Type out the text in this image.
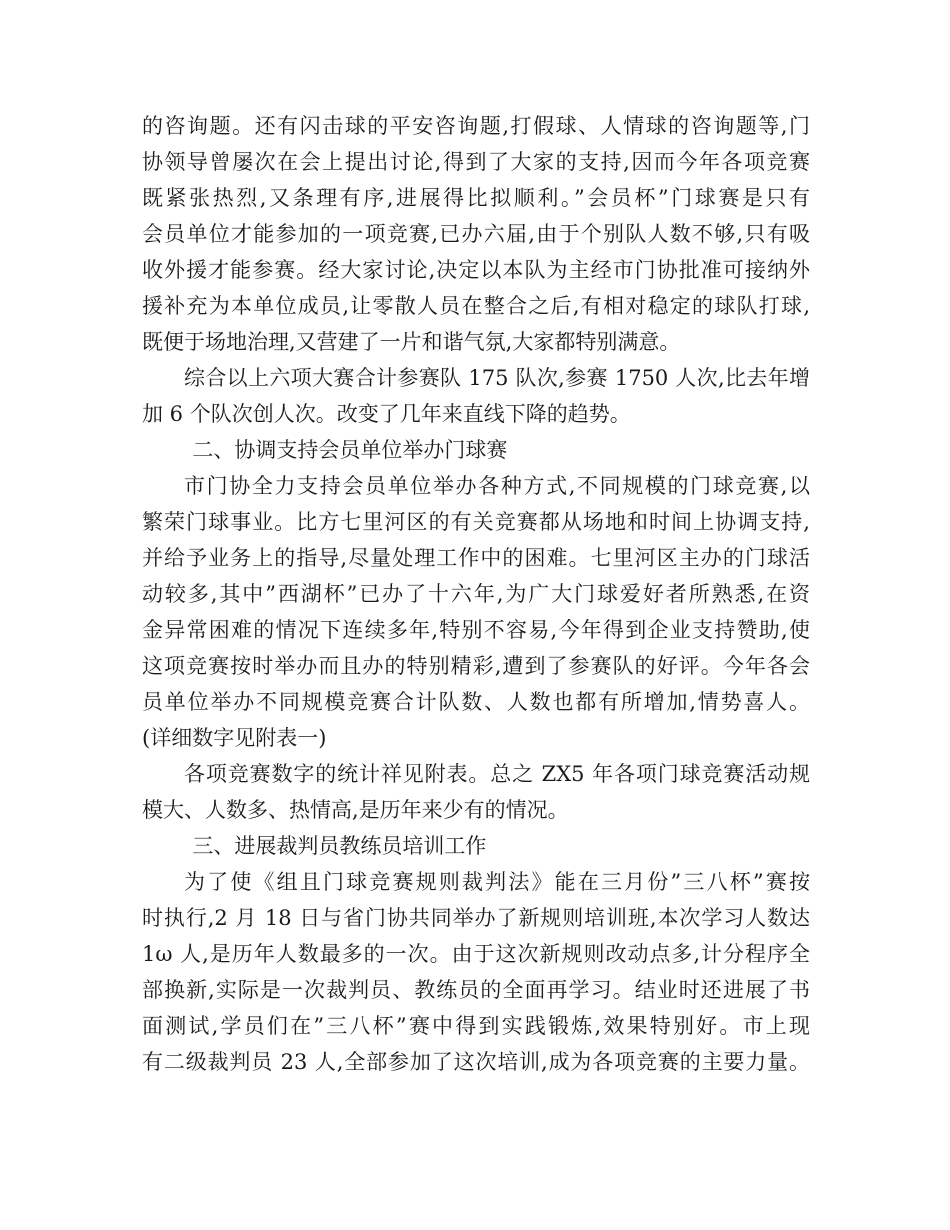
的咨询题。还有闪击球的平安咨询题,打假球、人情球的咨询题等,门
协领导曾屡次在会上提出讨论,得到了大家的支持,因而今年各项竞赛
既紧张热烈,又条理有序,进展得比拟顺利。”会员杯”门球赛是只有
会员单位才能参加的一项竞赛,已办六届,由于个别队人数不够,只有吸
收外援才能参赛。经大家讨论,决定以本队为主经市门协批准可接纳外
援补充为本单位成员,让零散人员在整合之后,有相对稳定的球队打球,
既便于场地治理,又营建了一片和谐气氛,大家都特别满意。
综合以上六项大赛合计参赛队 175 队次,参赛 1750 人次,比去年增
加 6 个队次创人次。改变了几年来直线下降的趋势。
二、协调支持会员单位举办门球赛
市门协全力支持会员单位举办各种方式,不同规模的门球竞赛,以
繁荣门球事业。比方七里河区的有关竞赛都从场地和时间上协调支持,
并给予业务上的指导,尽量处理工作中的困难。七里河区主办的门球活
动较多,其中”西湖杯”已办了十六年,为广大门球爱好者所熟悉,在资
金异常困难的情况下连续多年,特别不容易,今年得到企业支持赞助,使
这项竞赛按时举办而且办的特别精彩,遭到了参赛队的好评。今年各会
员单位举办不同规模竞赛合计队数、人数也都有所增加,情势喜人。
(详细数字见附表一)
各项竞赛数字的统计祥见附表。总之 ZX5 年各项门球竞赛活动规
模大、人数多、热情高,是历年来少有的情况。
三、进展裁判员教练员培训工作
为了使《组且门球竞赛规则裁判法》能在三月份”三八杯”赛按
时执行,2 月 18 日与省门协共同举办了新规则培训班,本次学习人数达
1ω 人,是历年人数最多的一次。由于这次新规则改动点多,计分程序全
部换新,实际是一次裁判员、教练员的全面再学习。结业时还进展了书
面测试,学员们在”三八杯”赛中得到实践锻炼,效果特别好。市上现
有二级裁判员 23 人,全部参加了这次培训,成为各项竞赛的主要力量。
